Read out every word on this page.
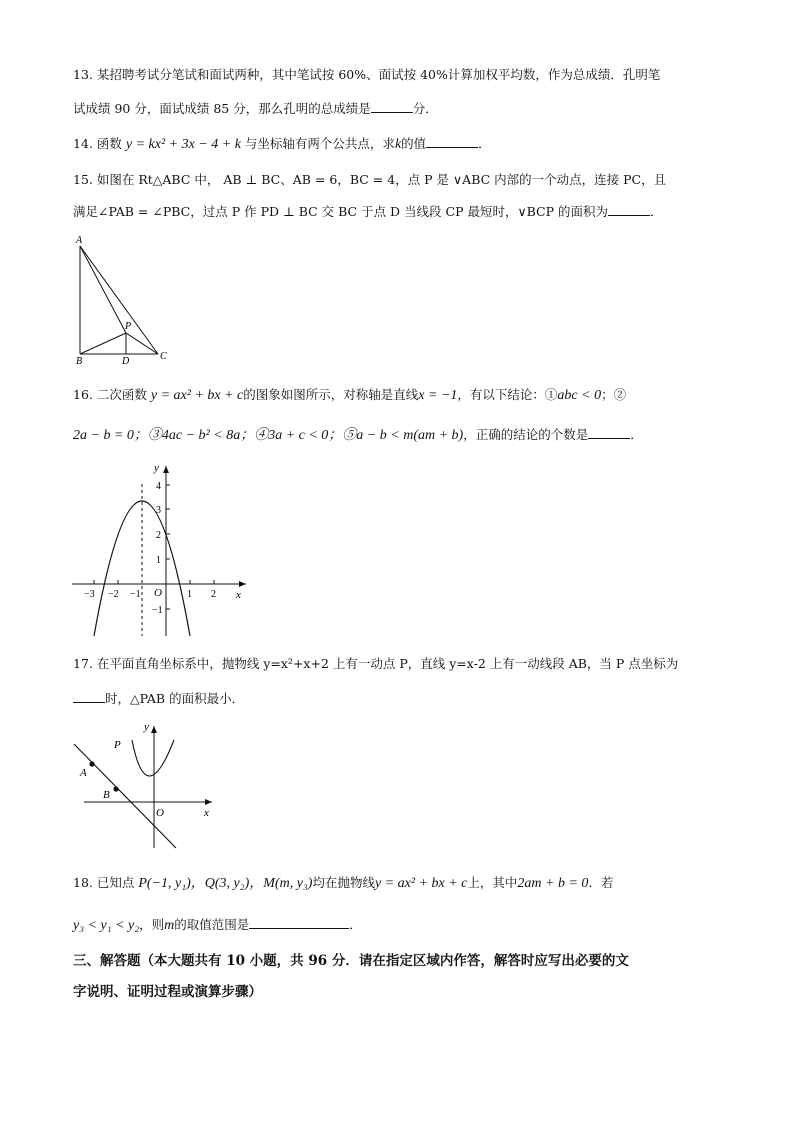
13. 某招聘考试分笔试和面试两种，其中笔试按 60%、面试按 40%计算加权平均数，作为总成绩．孔明笔
试成绩 90 分，面试成绩 85 分，那么孔明的总成绩是	分．
14. 函数 y = kx² + 3x − 4 + k 与坐标轴有两个公共点，求k的值	．
15. 如图在 Rt△ABC 中， AB ⊥ BC、AB = 6，BC = 4，点 P 是 ∨ABC 内部的一个动点，连接 PC，且
满足∠PAB = ∠PBC，过点 P 作 PD ⊥ BC 交 BC 于点 D 当线段 CP 最短时，∨BCP 的面积为	．
A
B	C
D
P
16. 二次函数 y = ax² + bx + c的图象如图所示，对称轴是直线x = −1，有以下结论：①abc < 0；②
2a − b = 0；③4ac − b² < 8a；④3a + c < 0；⑤a − b < m(am + b)，正确的结论的个数是	．
y
x
O
4
3
2
1
−1
−3 −2 −1	1 2
17. 在平面直角坐标系中，抛物线 y=x²+x+2 上有一动点 P，直线 y=x-2 上有一动线段 AB，当 P 点坐标为
时，△PAB 的面积最小．
y
x
O
P
A
B
18. 已知点 P(−1, y₁)，Q(3, y₂)，M(m, y₃)均在抛物线y = ax² + bx + c上，其中2am + b = 0．若
y₃ < y₁ < y₂，则m的取值范围是	．
三、解答题（本大题共有 10 小题，共 96 分．请在指定区域内作答，解答时应写出必要的文
字说明、证明过程或演算步骤）
